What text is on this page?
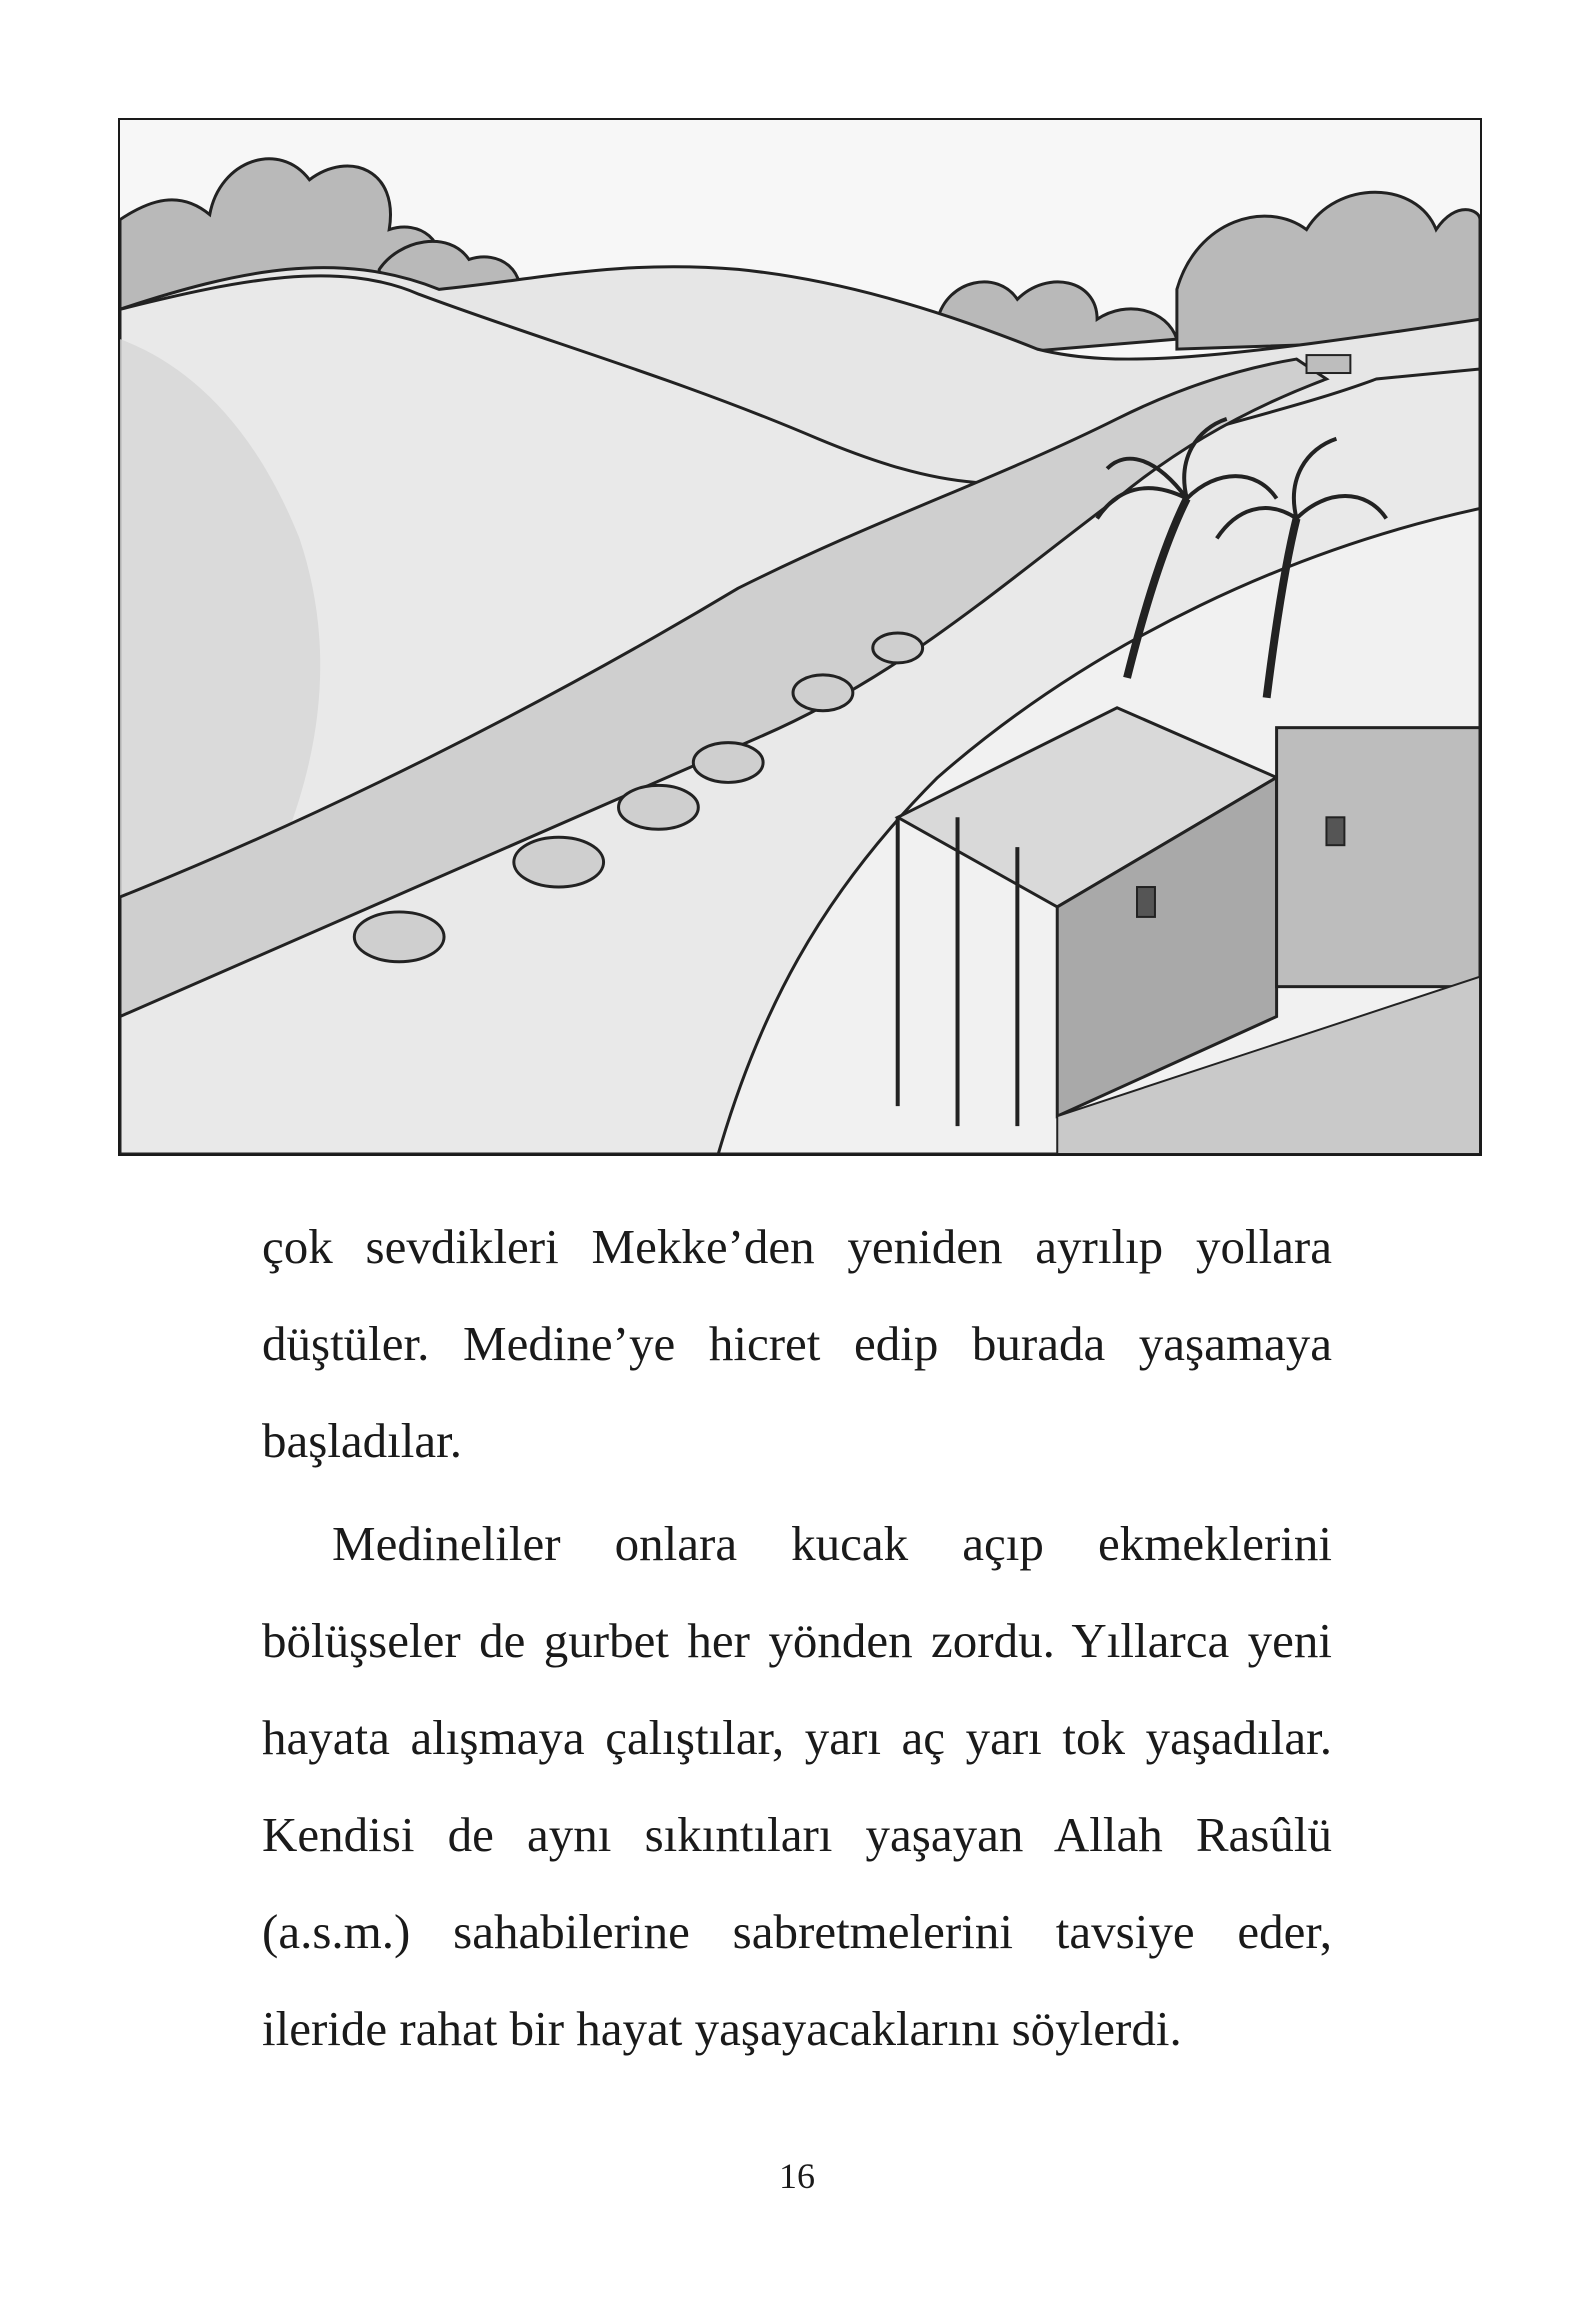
çok sevdikleri Mekke’den yeniden ayrılıp yollara düştüler. Medine’ye hicret edip burada yaşamaya başladılar.

Medineliler onlara kucak açıp ekmeklerini bölüşseler de gurbet her yönden zordu. Yıllarca yeni hayata alışmaya çalıştılar, yarı aç yarı tok yaşadılar. Kendisi de aynı sıkıntıları yaşayan Allah Rasûlü (a.s.m.) sahabilerine sabretmelerini tavsiye eder, ileride rahat bir hayat yaşayacaklarını söylerdi.

16
